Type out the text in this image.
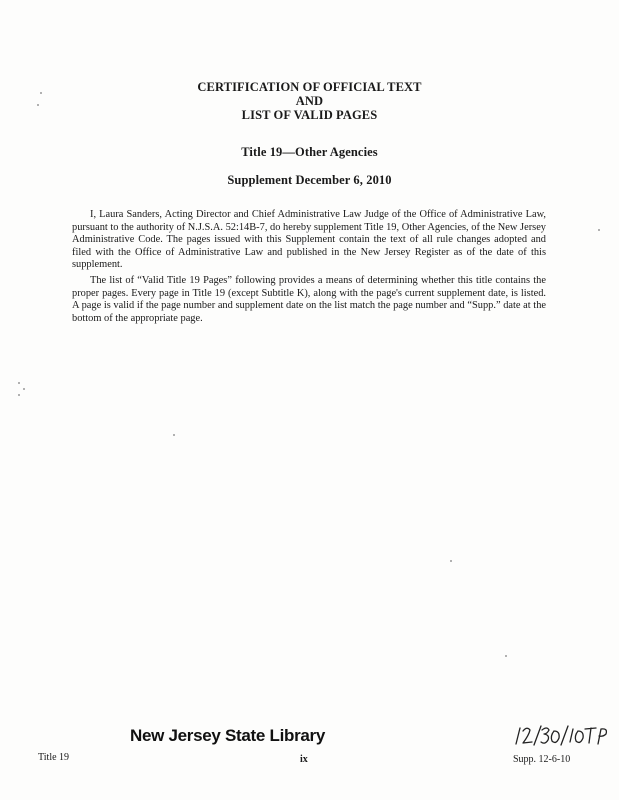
CERTIFICATION OF OFFICIAL TEXT
AND
LIST OF VALID PAGES
Title 19—Other Agencies
Supplement December 6, 2010

I, Laura Sanders, Acting Director and Chief Administrative Law Judge of the Office of Administrative Law, pursuant to the authority of N.J.S.A. 52:14B-7, do hereby supplement Title 19, Other Agencies, of the New Jersey Administrative Code. The pages issued with this Supplement contain the text of all rule changes adopted and filed with the Office of Administrative Law and published in the New Jersey Register as of the date of this supplement.

The list of “Valid Title 19 Pages” following provides a means of determining whether this title contains the proper pages. Every page in Title 19 (except Subtitle K), along with the page's current supplement date, is listed. A page is valid if the page number and supplement date on the list match the page number and “Supp.” date at the bottom of the appropriate page.

New Jersey State Library
Title 19	ix	Supp. 12-6-10
